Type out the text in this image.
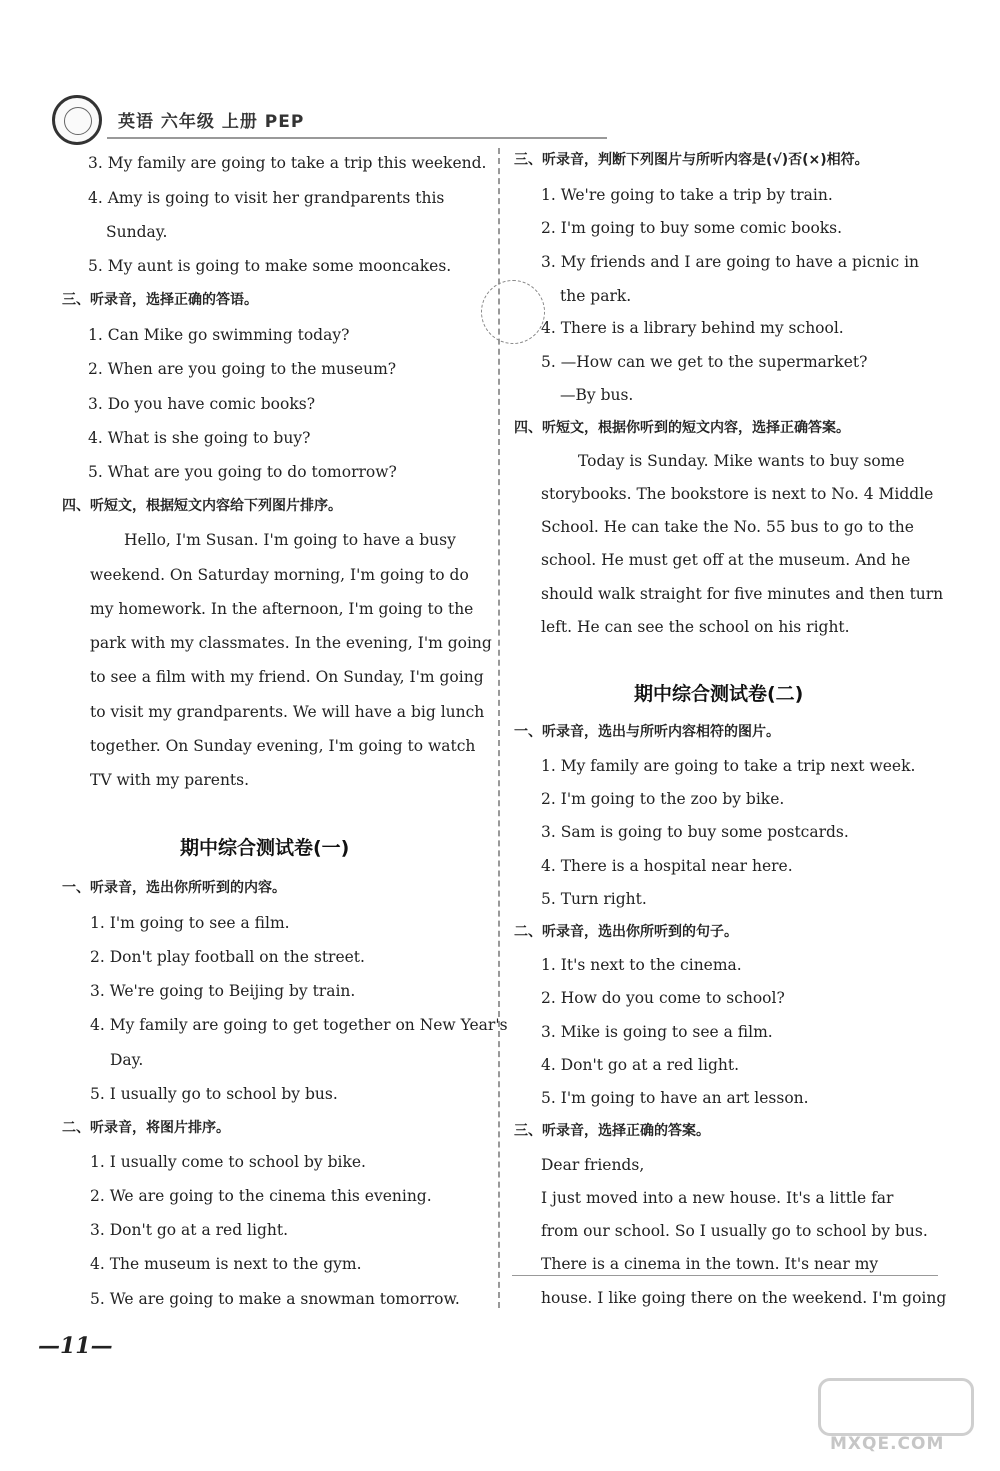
英语 六年级 上册 PEP
3. My family are going to take a trip this weekend.
4. Amy is going to visit her grandparents this
Sunday.
5. My aunt is going to make some mooncakes.
三、听录音，选择正确的答语。
1. Can Mike go swimming today?
2. When are you going to the museum?
3. Do you have comic books?
4. What is she going to buy?
5. What are you going to do tomorrow?
四、听短文，根据短文内容给下列图片排序。
Hello, I'm Susan. I'm going to have a busy
weekend. On Saturday morning, I'm going to do
my homework. In the afternoon, I'm going to the
park with my classmates. In the evening, I'm going
to see a film with my friend. On Sunday, I'm going
to visit my grandparents. We will have a big lunch
together. On Sunday evening, I'm going to watch
TV with my parents.
期中综合测试卷(一)
一、听录音，选出你所听到的内容。
1. I'm going to see a film.
2. Don't play football on the street.
3. We're going to Beijing by train.
4. My family are going to get together on New Year's
Day.
5. I usually go to school by bus.
二、听录音，将图片排序。
1. I usually come to school by bike.
2. We are going to the cinema this evening.
3. Don't go at a red light.
4. The museum is next to the gym.
5. We are going to make a snowman tomorrow.
三、听录音，判断下列图片与所听内容是(√)否(×)相符。
1. We're going to take a trip by train.
2. I'm going to buy some comic books.
3. My friends and I are going to have a picnic in
the park.
4. There is a library behind my school.
5. —How can we get to the supermarket?
—By bus.
四、听短文，根据你听到的短文内容，选择正确答案。
Today is Sunday. Mike wants to buy some
storybooks. The bookstore is next to No. 4 Middle
School. He can take the No. 55 bus to go to the
school. He must get off at the museum. And he
should walk straight for five minutes and then turn
left. He can see the school on his right.
期中综合测试卷(二)
一、听录音，选出与所听内容相符的图片。
1. My family are going to take a trip next week.
2. I'm going to the zoo by bike.
3. Sam is going to buy some postcards.
4. There is a hospital near here.
5. Turn right.
二、听录音，选出你所听到的句子。
1. It's next to the cinema.
2. How do you come to school?
3. Mike is going to see a film.
4. Don't go at a red light.
5. I'm going to have an art lesson.
三、听录音，选择正确的答案。
Dear friends,
I just moved into a new house. It's a little far
from our school. So I usually go to school by bus.
There is a cinema in the town. It's near my
house. I like going there on the weekend. I'm going
—11—
MXQE.COM
